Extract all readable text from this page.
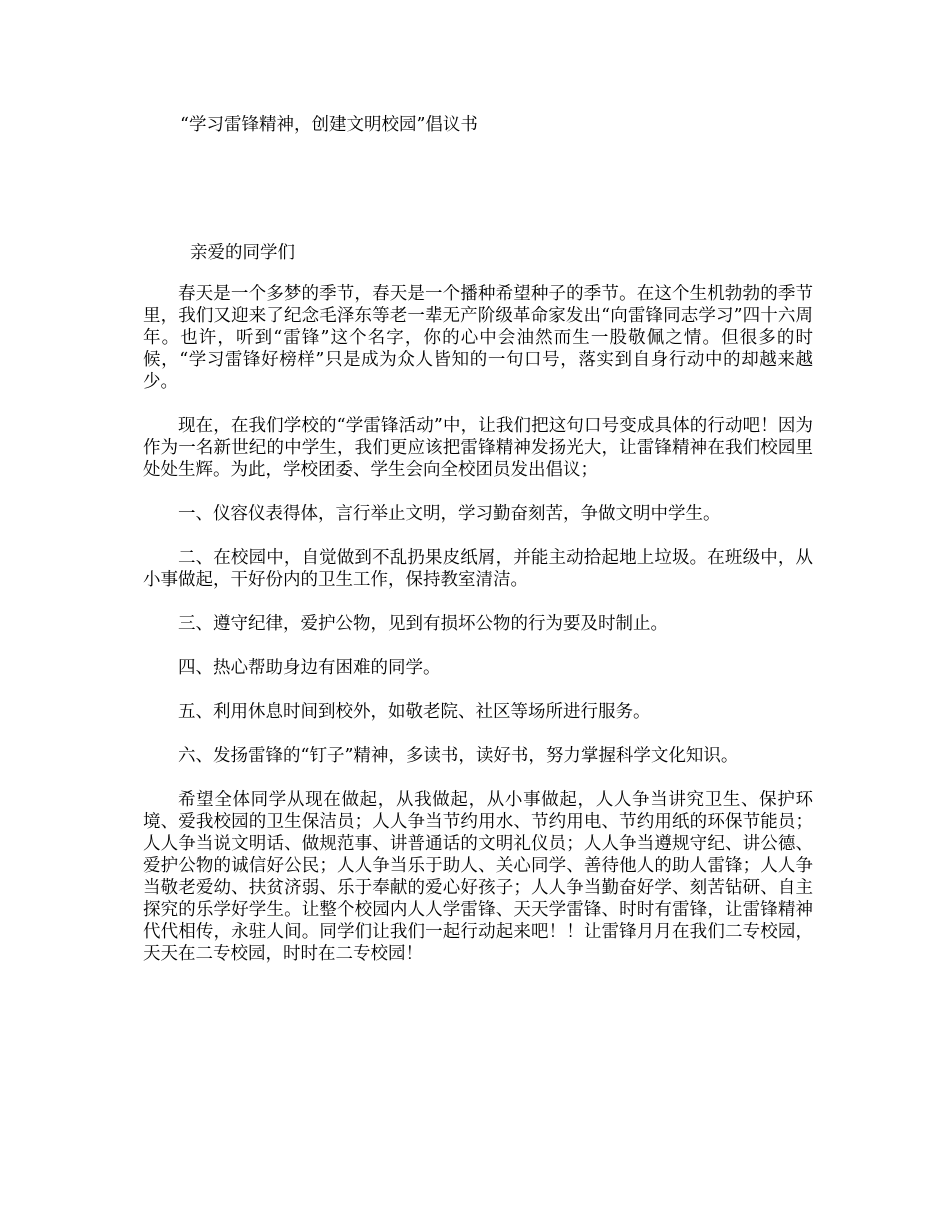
“学习雷锋精神，创建文明校园”倡议书
亲爱的同学们

春天是一个多梦的季节，春天是一个播种希望种子的季节。在这个生机勃勃的季节里，我们又迎来了纪念毛泽东等老一辈无产阶级革命家发出“向雷锋同志学习”四十六周年。也许，听到“雷锋”这个名字，你的心中会油然而生一股敬佩之情。但很多的时候，“学习雷锋好榜样”只是成为众人皆知的一句口号，落实到自身行动中的却越来越少。

现在，在我们学校的“学雷锋活动”中，让我们把这句口号变成具体的行动吧！因为作为一名新世纪的中学生，我们更应该把雷锋精神发扬光大，让雷锋精神在我们校园里处处生辉。为此，学校团委、学生会向全校团员发出倡议；

一、仪容仪表得体，言行举止文明，学习勤奋刻苦，争做文明中学生。

二、在校园中，自觉做到不乱扔果皮纸屑，并能主动拾起地上垃圾。在班级中，从小事做起，干好份内的卫生工作，保持教室清洁。

三、遵守纪律，爱护公物，见到有损坏公物的行为要及时制止。

四、热心帮助身边有困难的同学。

五、利用休息时间到校外，如敬老院、社区等场所进行服务。

六、发扬雷锋的“钉子”精神，多读书，读好书，努力掌握科学文化知识。

希望全体同学从现在做起，从我做起，从小事做起，人人争当讲究卫生、保护环境、爱我校园的卫生保洁员；人人争当节约用水、节约用电、节约用纸的环保节能员；人人争当说文明话、做规范事、讲普通话的文明礼仪员；人人争当遵规守纪、讲公德、爱护公物的诚信好公民；人人争当乐于助人、关心同学、善待他人的助人雷锋；人人争当敬老爱幼、扶贫济弱、乐于奉献的爱心好孩子；人人争当勤奋好学、刻苦钻研、自主探究的乐学好学生。让整个校园内人人学雷锋、天天学雷锋、时时有雷锋，让雷锋精神代代相传，永驻人间。同学们让我们一起行动起来吧！！让雷锋月月在我们二专校园，天天在二专校园，时时在二专校园！
